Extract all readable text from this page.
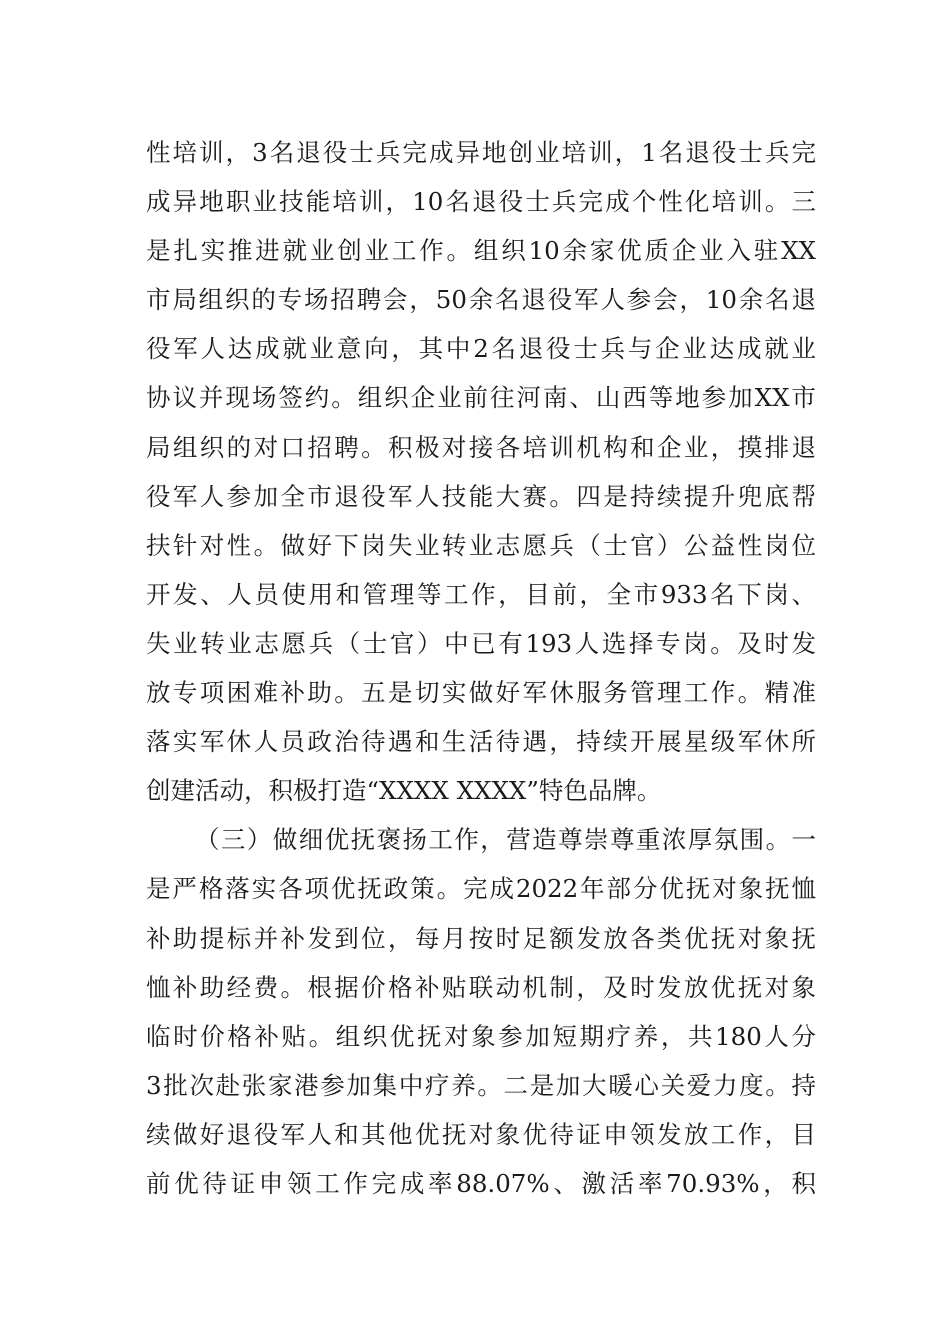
性培训，3名退役士兵完成异地创业培训，1名退役士兵完
成异地职业技能培训，10名退役士兵完成个性化培训。三
是扎实推进就业创业工作。组织10余家优质企业入驻XX
市局组织的专场招聘会，50余名退役军人参会，10余名退
役军人达成就业意向，其中2名退役士兵与企业达成就业
协议并现场签约。组织企业前往河南、山西等地参加XX市
局组织的对口招聘。积极对接各培训机构和企业，摸排退
役军人参加全市退役军人技能大赛。四是持续提升兜底帮
扶针对性。做好下岗失业转业志愿兵（士官）公益性岗位
开发、人员使用和管理等工作，目前，全市933名下岗、
失业转业志愿兵（士官）中已有193人选择专岗。及时发
放专项困难补助。五是切实做好军休服务管理工作。精准
落实军休人员政治待遇和生活待遇，持续开展星级军休所
创建活动，积极打造“XXXX XXXX”特色品牌。
（三）做细优抚褒扬工作，营造尊崇尊重浓厚氛围。一
是严格落实各项优抚政策。完成2022年部分优抚对象抚恤
补助提标并补发到位，每月按时足额发放各类优抚对象抚
恤补助经费。根据价格补贴联动机制，及时发放优抚对象
临时价格补贴。组织优抚对象参加短期疗养，共180人分
3批次赴张家港参加集中疗养。二是加大暖心关爱力度。持
续做好退役军人和其他优抚对象优待证申领发放工作，目
前优待证申领工作完成率88.07%、激活率70.93%，积
